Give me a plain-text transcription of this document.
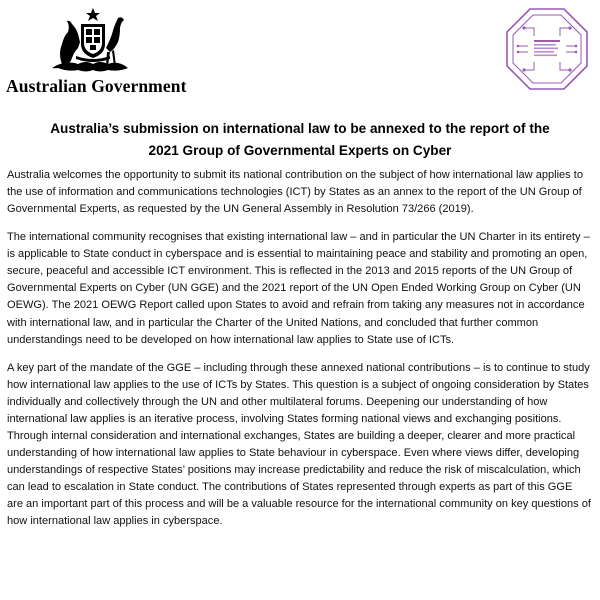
Australian Government
Australia’s submission on international law to be annexed to the report of the
2021 Group of Governmental Experts on Cyber

Australia welcomes the opportunity to submit its national contribution on the subject of how international law applies to the use of information and communications technologies (ICT) by States as an annex to the report of the UN Group of Governmental Experts, as requested by the UN General Assembly in Resolution 73/266 (2019).

The international community recognises that existing international law – and in particular the UN Charter in its entirety – is applicable to State conduct in cyberspace and is essential to maintaining peace and stability and promoting an open, secure, peaceful and accessible ICT environment. This is reflected in the 2013 and 2015 reports of the UN Group of Governmental Experts on Cyber (UN GGE) and the 2021 report of the UN Open Ended Working Group on Cyber (UN OEWG). The 2021 OEWG Report called upon States to avoid and refrain from taking any measures not in accordance with international law, and in particular the Charter of the United Nations, and concluded that further common understandings need to be developed on how international law applies to State use of ICTs.

A key part of the mandate of the GGE – including through these annexed national contributions – is to continue to study how international law applies to the use of ICTs by States. This question is a subject of ongoing consideration by States individually and collectively through the UN and other multilateral forums. Deepening our understanding of how international law applies is an iterative process, involving States forming national views and exchanging positions. Through internal consideration and international exchanges, States are building a deeper, clearer and more practical understanding of how international law applies to State behaviour in cyberspace. Even where views differ, developing understandings of respective States’ positions may increase predictability and reduce the risk of miscalculation, which can lead to escalation in State conduct. The contributions of States represented through experts as part of this GGE are an important part of this process and will be a valuable resource for the international community on key questions of how international law applies in cyberspace.
